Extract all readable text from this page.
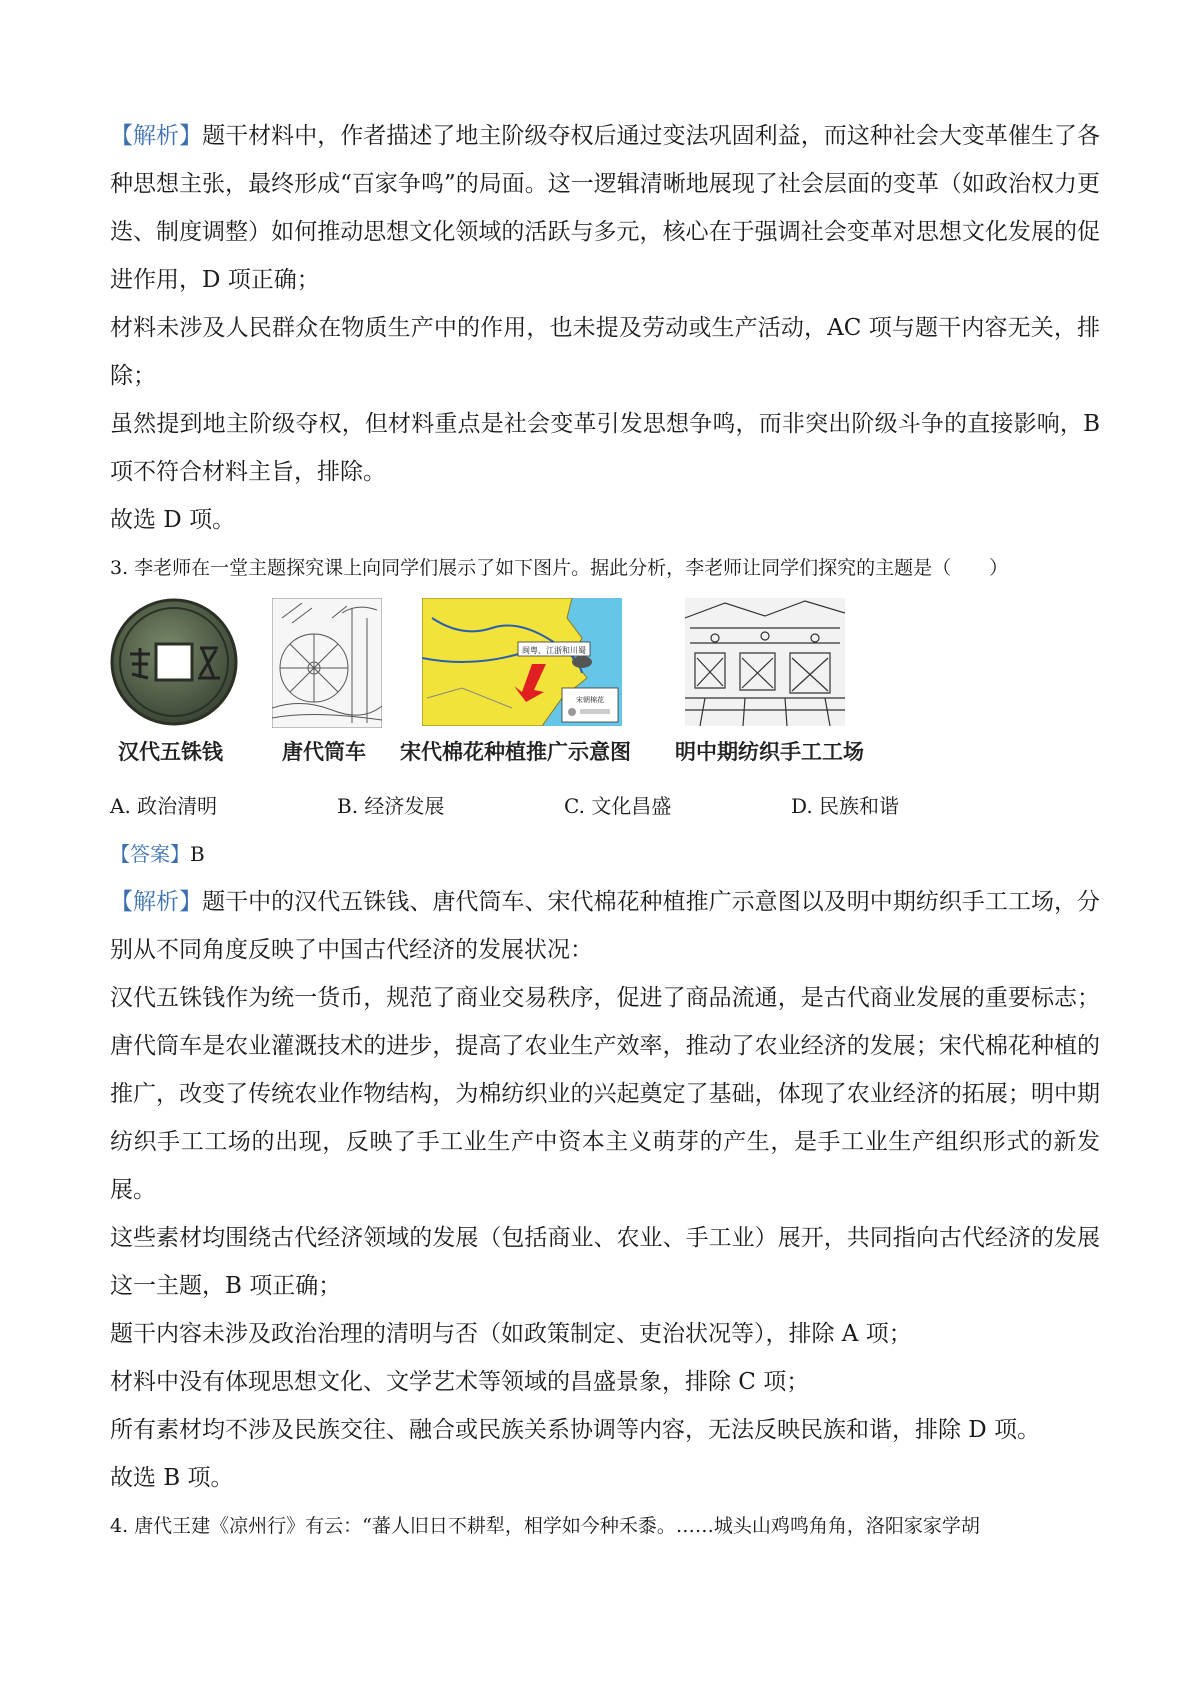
【解析】题干材料中，作者描述了地主阶级夺权后通过变法巩固利益，而这种社会大变革催生了各种思想主张，最终形成“百家争鸣”的局面。这一逻辑清晰地展现了社会层面的变革（如政治权力更迭、制度调整）如何推动思想文化领域的活跃与多元，核心在于强调社会变革对思想文化发展的促进作用，D 项正确；

材料未涉及人民群众在物质生产中的作用，也未提及劳动或生产活动，AC 项与题干内容无关，排除；

虽然提到地主阶级夺权，但材料重点是社会变革引发思想争鸣，而非突出阶级斗争的直接影响，B 项不符合材料主旨，排除。

故选 D 项。

3. 李老师在一堂主题探究课上向同学们展示了如下图片。据此分析，李老师让同学们探究的主题是（　　）

汉代五铢钱	唐代筒车
闽粤、江浙和川蜀
宋朝棉花
宋代棉花种植推广示意图 明中期纺织手工工场
A. 政治清明	B. 经济发展	C. 文化昌盛	D. 民族和谐

【答案】B

【解析】题干中的汉代五铢钱、唐代筒车、宋代棉花种植推广示意图以及明中期纺织手工工场，分别从不同角度反映了中国古代经济的发展状况：

汉代五铢钱作为统一货币，规范了商业交易秩序，促进了商品流通，是古代商业发展的重要标志；唐代筒车是农业灌溉技术的进步，提高了农业生产效率，推动了农业经济的发展；宋代棉花种植的推广，改变了传统农业作物结构，为棉纺织业的兴起奠定了基础，体现了农业经济的拓展；明中期纺织手工工场的出现，反映了手工业生产中资本主义萌芽的产生，是手工业生产组织形式的新发展。

这些素材均围绕古代经济领域的发展（包括商业、农业、手工业）展开，共同指向古代经济的发展这一主题，B 项正确；

题干内容未涉及政治治理的清明与否（如政策制定、吏治状况等），排除 A 项；

材料中没有体现思想文化、文学艺术等领域的昌盛景象，排除 C 项；

所有素材均不涉及民族交往、融合或民族关系协调等内容，无法反映民族和谐，排除 D 项。

故选 B 项。

4. 唐代王建《凉州行》有云：“蕃人旧日不耕犁，相学如今种禾黍。……城头山鸡鸣角角，洛阳家家学胡
